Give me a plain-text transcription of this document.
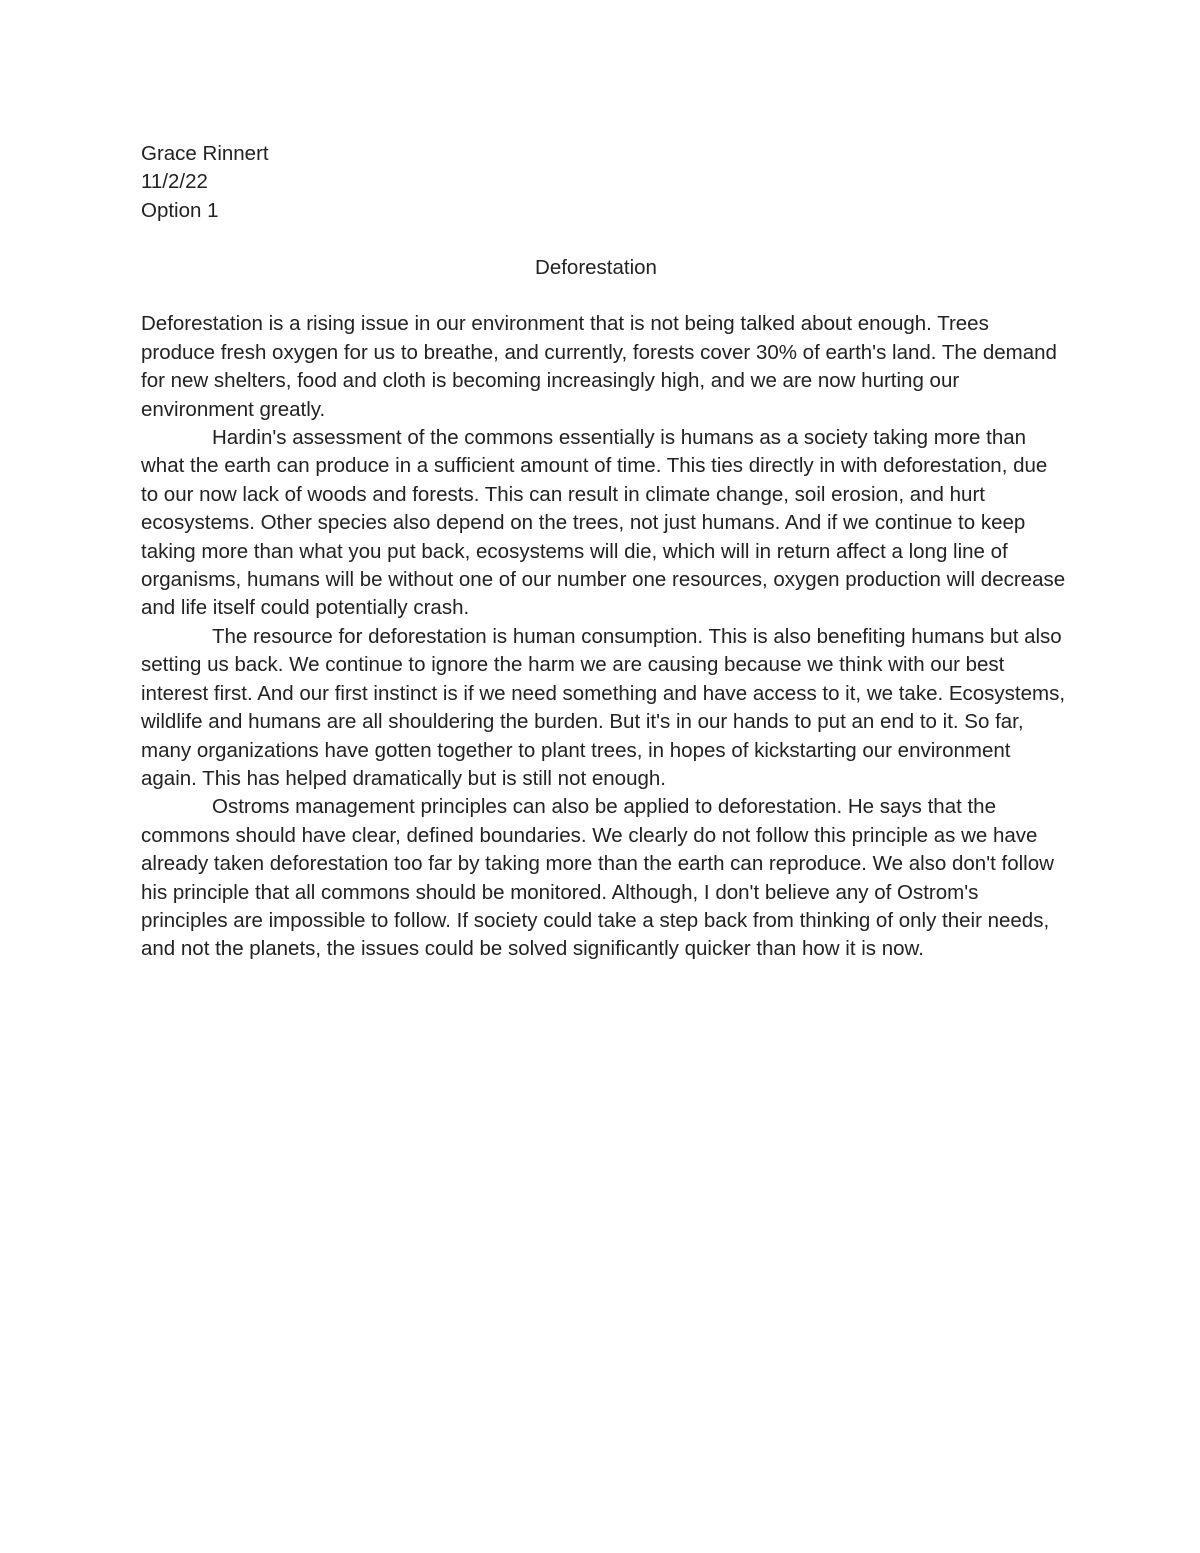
Grace Rinnert
11/2/22
Option 1
Deforestation

Deforestation is a rising issue in our environment that is not being talked about enough. Trees produce fresh oxygen for us to breathe, and currently, forests cover 30% of earth's land. The demand for new shelters, food and cloth is becoming increasingly high, and we are now hurting our environment greatly.

Hardin's assessment of the commons essentially is humans as a society taking more than what the earth can produce in a sufficient amount of time. This ties directly in with deforestation, due to our now lack of woods and forests. This can result in climate change, soil erosion, and hurt ecosystems. Other species also depend on the trees, not just humans. And if we continue to keep taking more than what you put back, ecosystems will die, which will in return affect a long line of organisms, humans will be without one of our number one resources, oxygen production will decrease and life itself could potentially crash.

The resource for deforestation is human consumption. This is also benefiting humans but also setting us back. We continue to ignore the harm we are causing because we think with our best interest first. And our first instinct is if we need something and have access to it, we take. Ecosystems, wildlife and humans are all shouldering the burden. But it's in our hands to put an end to it. So far, many organizations have gotten together to plant trees, in hopes of kickstarting our environment again. This has helped dramatically but is still not enough.

Ostroms management principles can also be applied to deforestation. He says that the commons should have clear, defined boundaries. We clearly do not follow this principle as we have already taken deforestation too far by taking more than the earth can reproduce. We also don't follow his principle that all commons should be monitored. Although, I don't believe any of Ostrom's principles are impossible to follow. If society could take a step back from thinking of only their needs, and not the planets, the issues could be solved significantly quicker than how it is now.
